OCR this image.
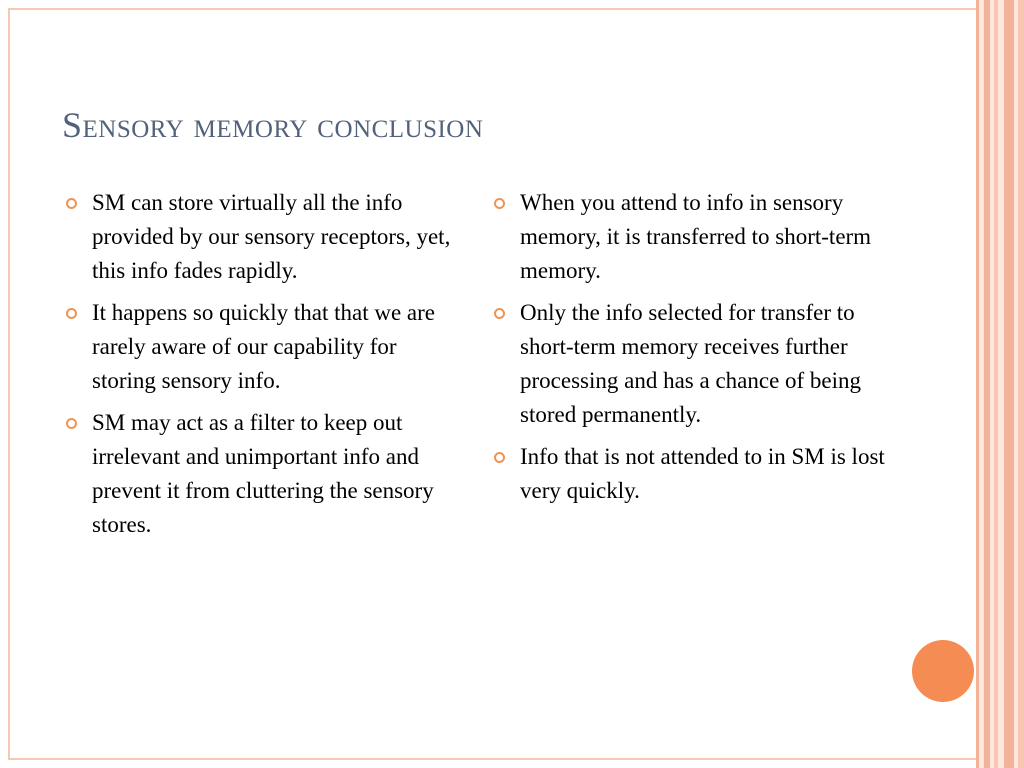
Sensory memory conclusion
SM can store virtually all the info provided by our sensory receptors, yet, this info fades rapidly.
It happens so quickly that that we are rarely aware of our capability for storing sensory info.
SM may act as a filter to keep out irrelevant and unimportant info and prevent it from cluttering the sensory stores.
When you attend to info in sensory memory, it is transferred to short-term memory.
Only the info selected for transfer to short-term memory receives further processing and has a chance of being stored permanently.
Info that is not attended to in SM is lost very quickly.
